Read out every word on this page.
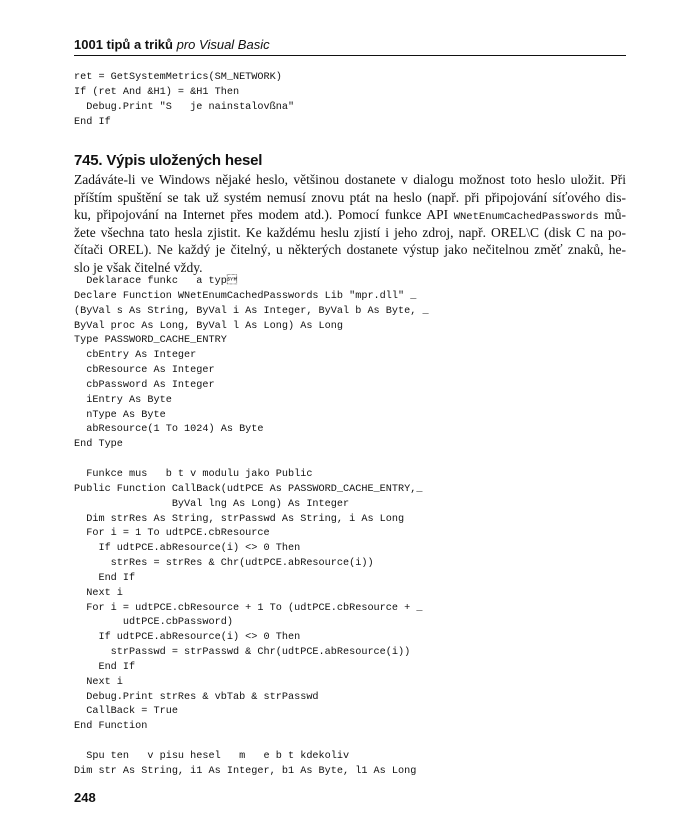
1001 tipů a triků pro Visual Basic
ret = GetSystemMetrics(SM_NETWORK)
If (ret And &H1) = &H1 Then
Debug.Print "S   je nainstalovßna"
End If
745. Výpis uložených hesel
Zadáváte-li ve Windows nějaké heslo, většinou dostanete v dialogu možnost toto heslo uložit. Při
příštím spuštění se tak už systém nemusí znovu ptát na heslo (např. při připojování síťového dis-
ku, připojování na Internet přes modem atd.). Pomocí funkce API WNetEnumCachedPasswords mů-
žete všechna tato hesla zjistit. Ke každému heslu zjistí i jeho zdroj, např. OREL\C (disk C na po-
čítači OREL). Ne každý je čitelný, u některých dostanete výstup jako nečitelnou změť znaků, he-
slo je však čitelné vždy.
Deklarace funkc   a typ
Declare Function WNetEnumCachedPasswords Lib "mpr.dll" _
(ByVal s As String, ByVal i As Integer, ByVal b As Byte, _
ByVal proc As Long, ByVal l As Long) As Long
Type PASSWORD_CACHE_ENTRY
cbEntry As Integer
cbResource As Integer
cbPassword As Integer
iEntry As Byte
nType As Byte
abResource(1 To 1024) As Byte
End Type
Funkce mus   b t v modulu jako Public
Public Function CallBack(udtPCE As PASSWORD_CACHE_ENTRY,_
ByVal lng As Long) As Integer
Dim strRes As String, strPasswd As String, i As Long
For i = 1 To udtPCE.cbResource
If udtPCE.abResource(i) <> 0 Then
strRes = strRes & Chr(udtPCE.abResource(i))
End If
Next i
For i = udtPCE.cbResource + 1 To (udtPCE.cbResource + _
udtPCE.cbPassword)
If udtPCE.abResource(i) <> 0 Then
strPasswd = strPasswd & Chr(udtPCE.abResource(i))
End If
Next i
Debug.Print strRes & vbTab & strPasswd
CallBack = True
End Function
Spu ten   v pisu hesel   m   e b t kdekoliv
Dim str As String, i1 As Integer, b1 As Byte, l1 As Long
248
